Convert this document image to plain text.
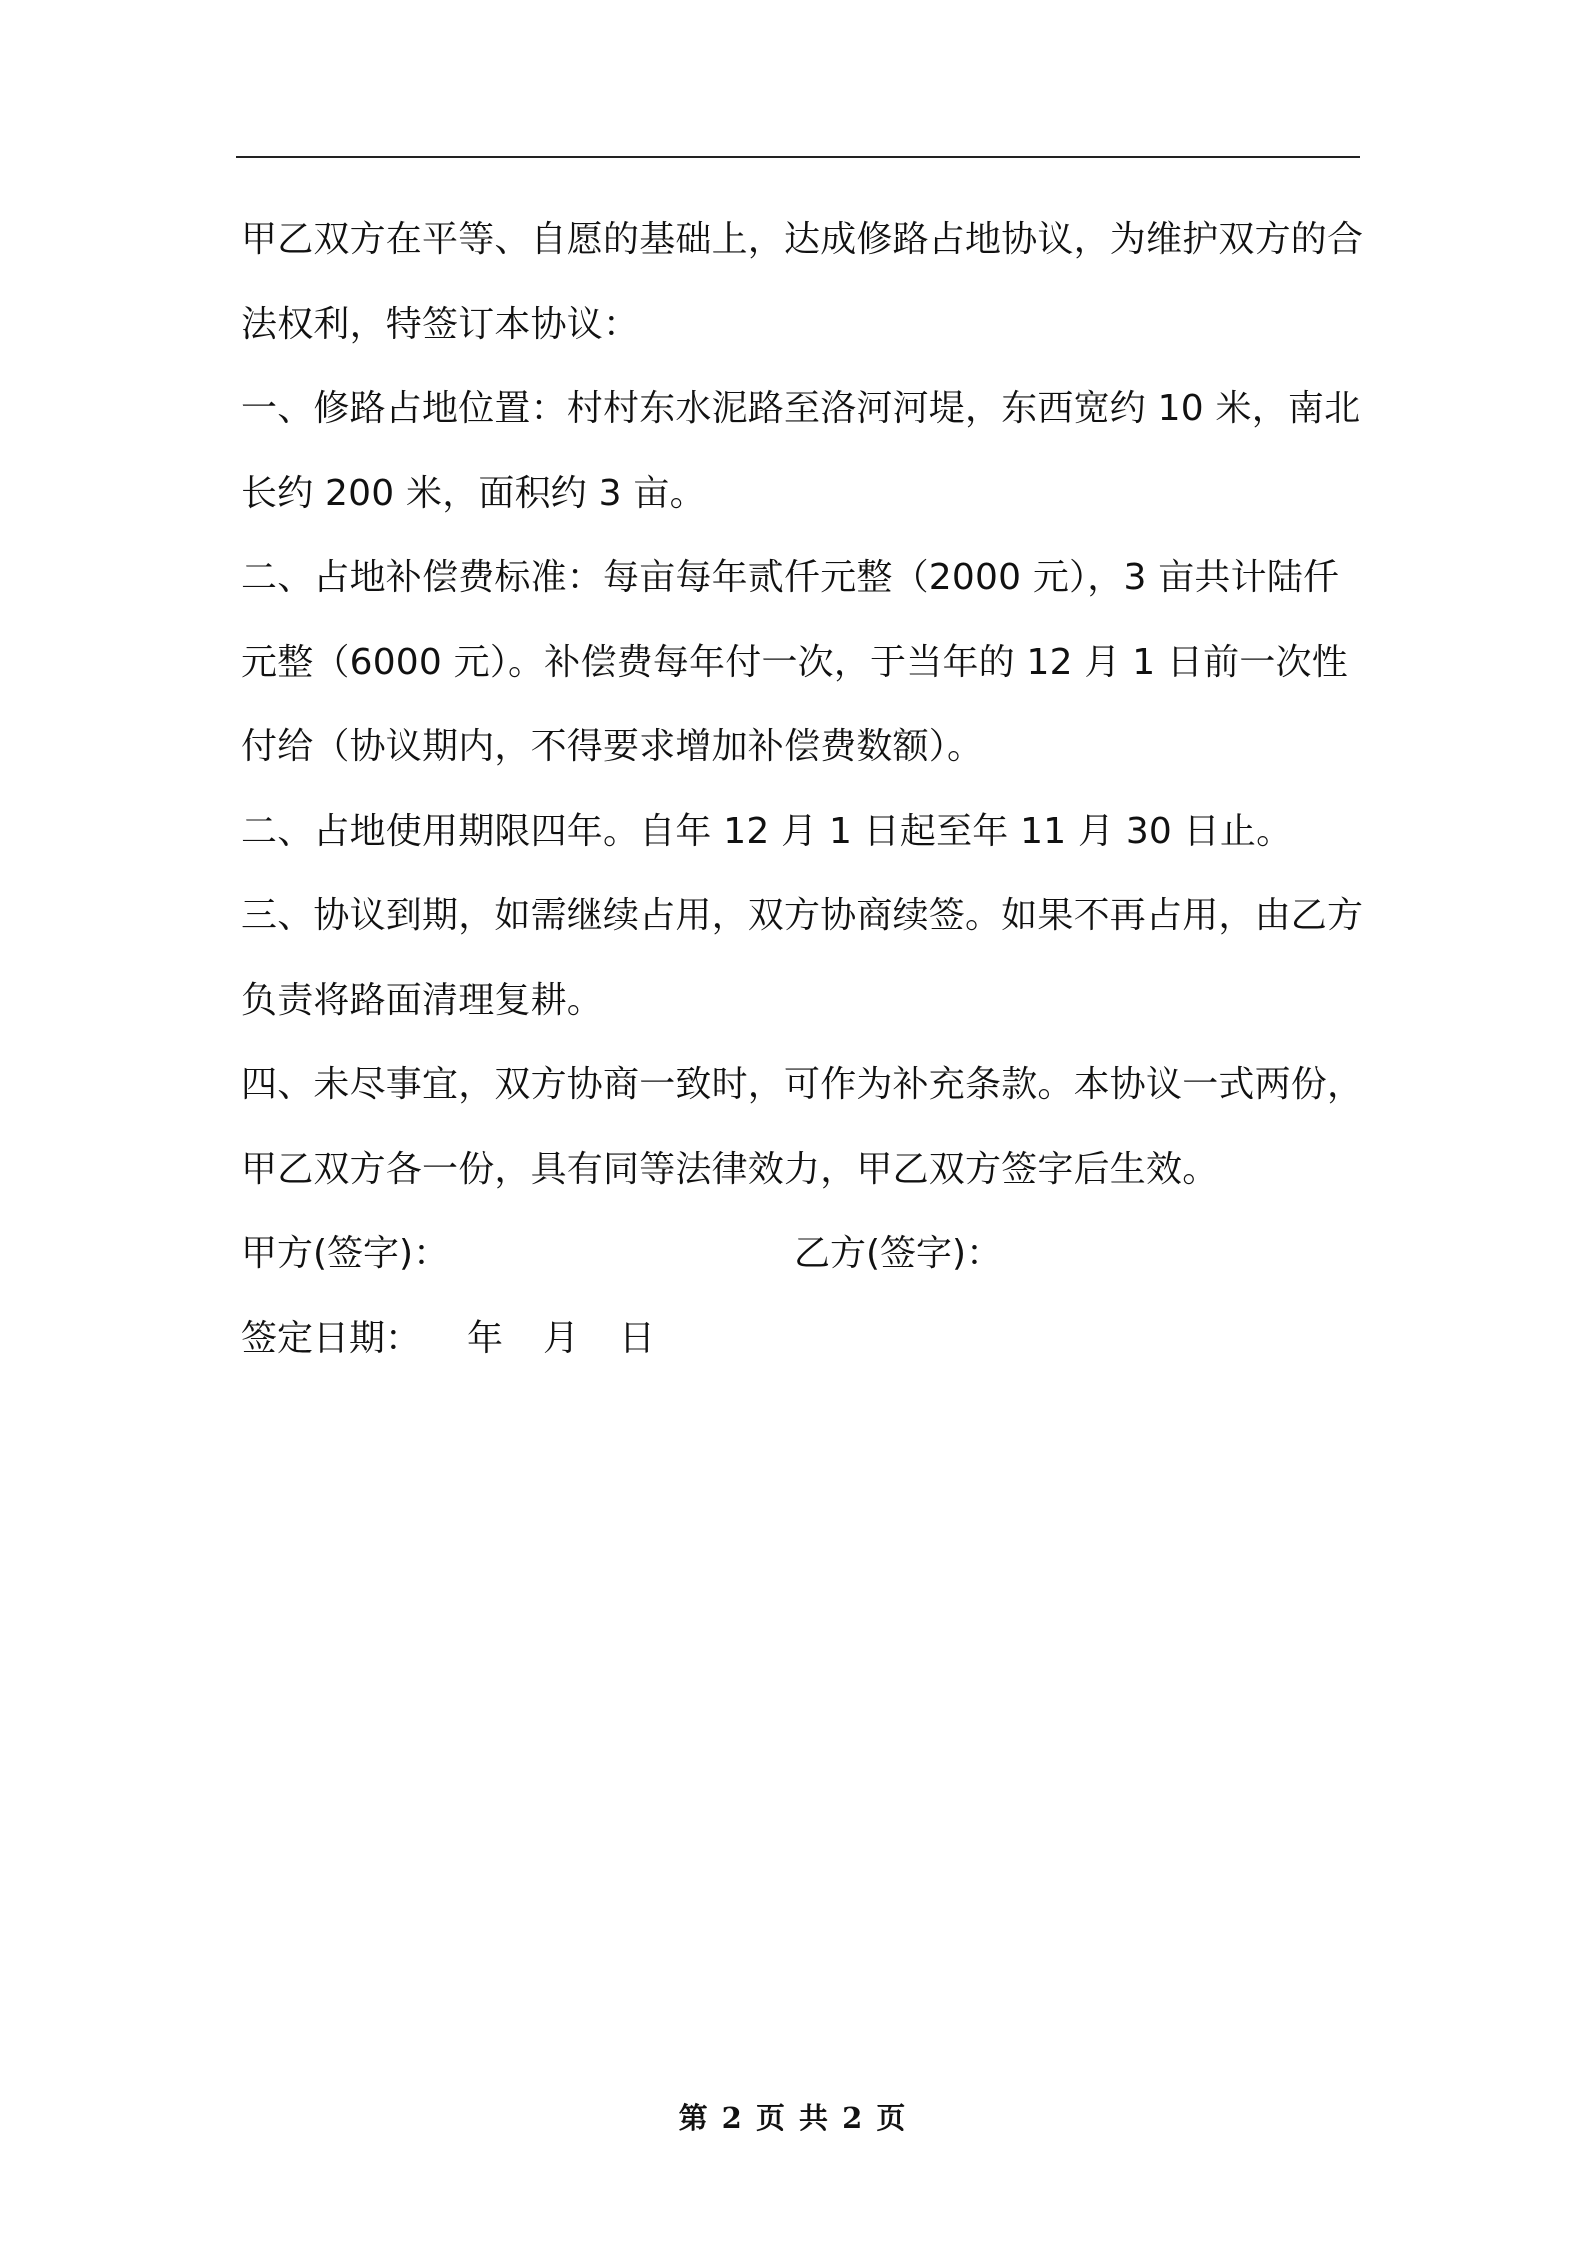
甲乙双方在平等、自愿的基础上，达成修路占地协议，为维护双方的合法权利，特签订本协议：

一、修路占地位置：村村东水泥路至洛河河堤，东西宽约 10 米，南北长约 200 米，面积约 3 亩。

二、占地补偿费标准：每亩每年贰仟元整（2000 元），3 亩共计陆仟元整（6000 元）。补偿费每年付一次，于当年的 12 月 1 日前一次性付给（协议期内，不得要求增加补偿费数额）。

二、占地使用期限四年。自年 12 月 1 日起至年 11 月 30 日止。

三、协议到期，如需继续占用，双方协商续签。如果不再占用，由乙方负责将路面清理复耕。

四、未尽事宜，双方协商一致时，可作为补充条款。本协议一式两份，甲乙双方各一份，具有同等法律效力，甲乙双方签字后生效。

甲方(签字)：	乙方(签字)：
签定日期： 年 月 日
第 2 页 共 2 页
